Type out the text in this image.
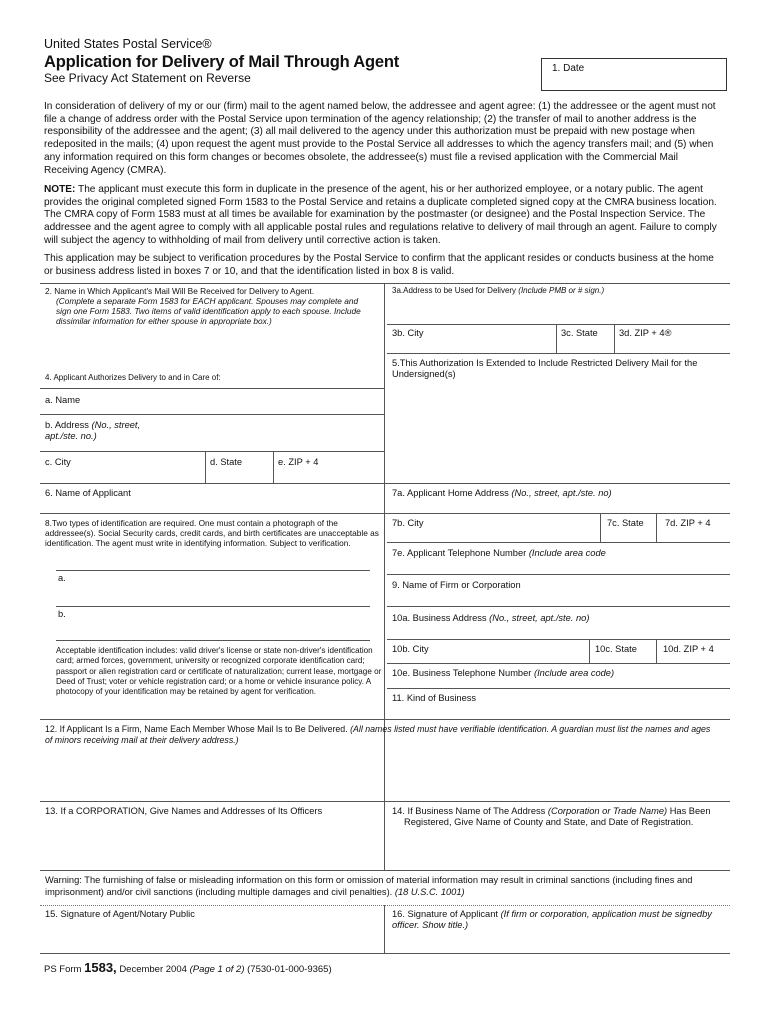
United States Postal Service®
Application for Delivery of Mail Through Agent
See Privacy Act Statement on Reverse
1. Date
In consideration of delivery of my or our (firm) mail to the agent named below, the addressee and agent agree: (1) the addressee or the agent must not file a change of address order with the Postal Service upon termination of the agency relationship; (2) the transfer of mail to another address is the responsibility of the addressee and the agent; (3) all mail delivered to the agency under this authorization must be prepaid with new postage when redeposited in the mails; (4) upon request the agent must provide to the Postal Service all addresses to which the agency transfers mail; and (5) when any information required on this form changes or becomes obsolete, the addressee(s) must file a revised application with the Commercial Mail Receiving Agency (CMRA).
NOTE: The applicant must execute this form in duplicate in the presence of the agent, his or her authorized employee, or a notary public. The agent provides the original completed signed Form 1583 to the Postal Service and retains a duplicate completed signed copy at the CMRA business location. The CMRA copy of Form 1583 must at all times be available for examination by the postmaster (or designee) and the Postal Inspection Service. The addressee and the agent agree to comply with all applicable postal rules and regulations relative to delivery of mail through an agent. Failure to comply will subject the agency to withholding of mail from delivery until corrective action is taken.
This application may be subject to verification procedures by the Postal Service to confirm that the applicant resides or conducts business at the home or business address listed in boxes 7 or 10, and that the identification listed in box 8 is valid.
2. Name in Which Applicant's Mail Will Be Received for Delivery to Agent.
(Complete a separate Form 1583 for EACH applicant. Spouses may complete and sign one Form 1583. Two items of valid identification apply to each spouse. Include dissimilar information for either spouse in appropriate box.)
3a.Address to be Used for Delivery (Include PMB or # sign.)
3b. City	3c. State 3d. ZIP + 4®
4. Applicant Authorizes Delivery to and in Care of:
5.This Authorization Is Extended to Include Restricted Delivery Mail for the Undersigned(s)
a. Name
b. Address (No., street, apt./ste. no.)
c. City	d. State	e. ZIP + 4
6. Name of Applicant	7a. Applicant Home Address (No., street, apt./ste. no)
8.Two types of identification are required. One must contain a photograph of the addressee(s). Social Security cards, credit cards, and birth certificates are unacceptable as identification. The agent must write in identifying information. Subject to verification.
7b. City	7c. State 7d. ZIP + 4
7e. Applicant Telephone Number (Include area code
a.
b.
9. Name of Firm or Corporation
10a. Business Address (No., street, apt./ste. no)
Acceptable identification includes: valid driver's license or state non-driver's identification card; armed forces, government, university or recognized corporate identification card; passport or alien registration card or certificate of naturalization; current lease, mortgage or Deed of Trust; voter or vehicle registration card; or a home or vehicle insurance policy. A photocopy of your identification may be retained by agent for verification.
10b. City	10c. State	10d. ZIP + 4
10e. Business Telephone Number (Include area code)
11. Kind of Business
12. If Applicant Is a Firm, Name Each Member Whose Mail Is to Be Delivered. (All names listed must have verifiable identification. A guardian must list the names and ages of minors receiving mail at their delivery address.)
13. If a CORPORATION, Give Names and Addresses of Its Officers	14. If Business Name of The Address (Corporation or Trade Name) Has Been
Registered, Give Name of County and State, and Date of Registration.
Warning: The furnishing of false or misleading information on this form or omission of material information may result in criminal sanctions (including fines and imprisonment) and/or civil sanctions (including multiple damages and civil penalties). (18 U.S.C. 1001)
15. Signature of Agent/Notary Public	16. Signature of Applicant (If firm or corporation, application must be signedby officer. Show title.)
PS Form 1583, December 2004 (Page 1 of 2) (7530-01-000-9365)
